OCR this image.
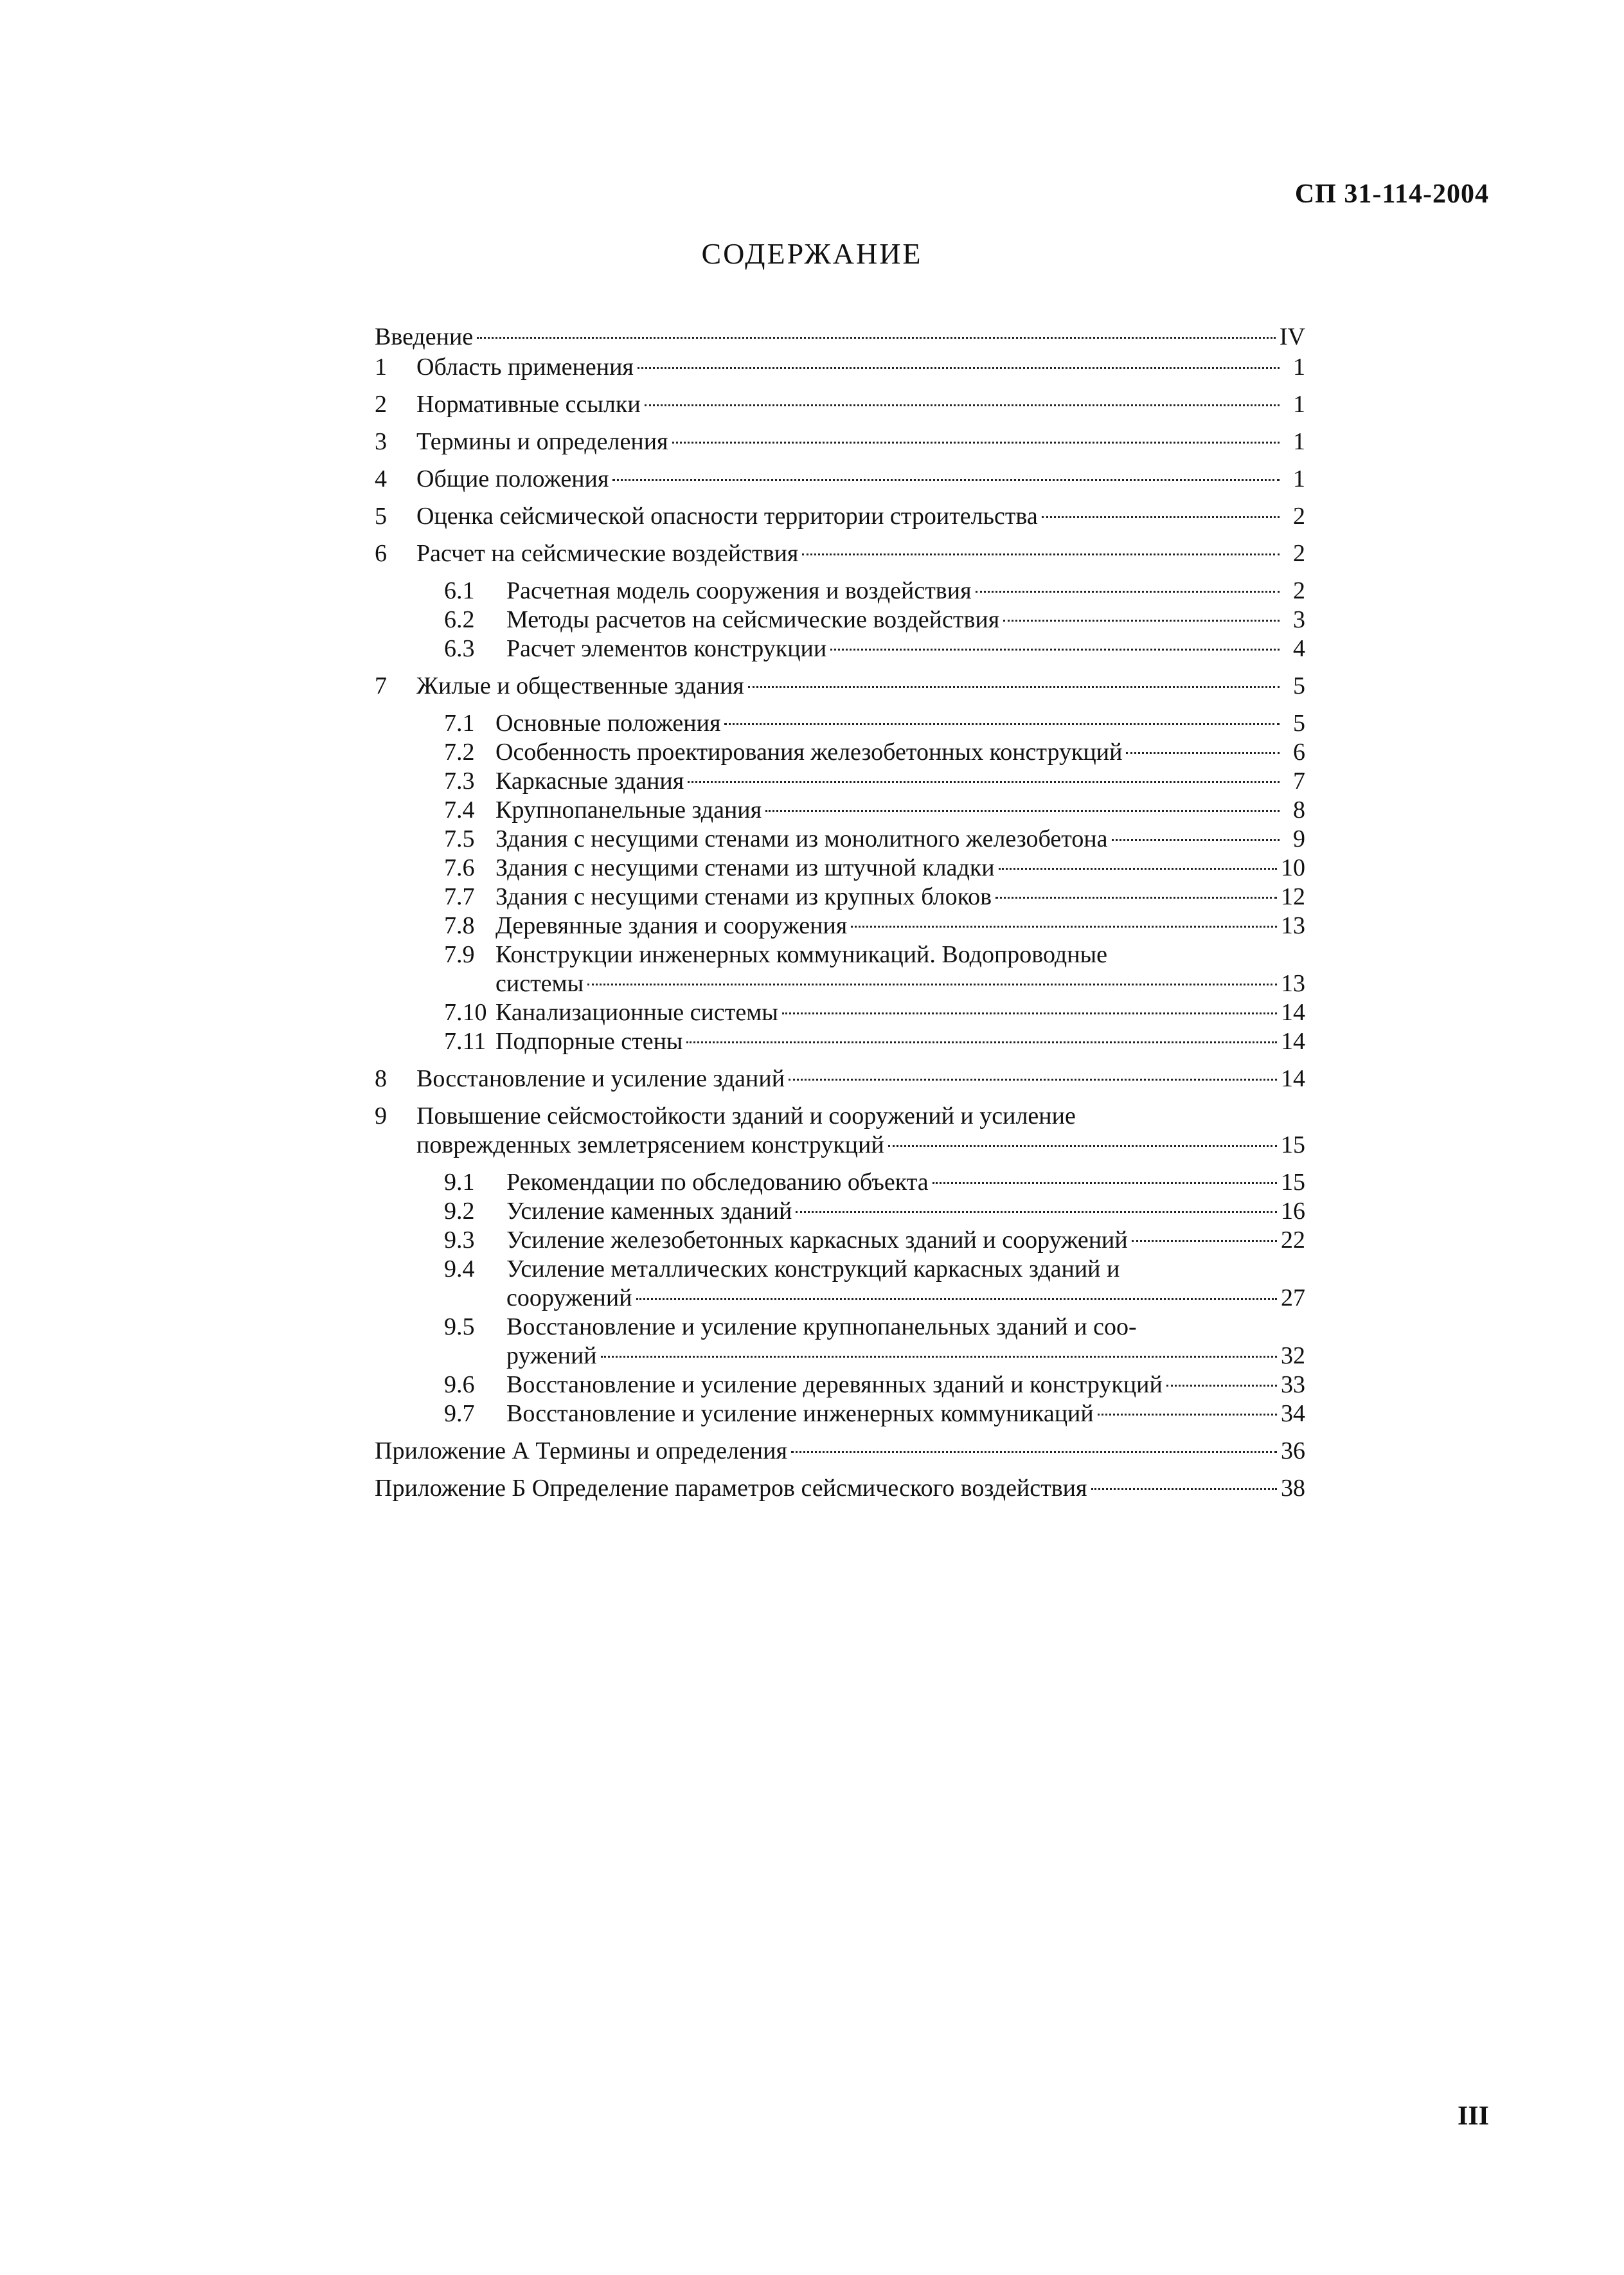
СП 31-114-2004
СОДЕРЖАНИЕ
Введение	IV
1	Область применения	1
2	Нормативные ссылки	1
3	Термины и определения	1
4	Общие положения	1
5	Оценка сейсмической опасности территории строительства	2
6	Расчет на сейсмические воздействия	2
6.1	Расчетная модель сооружения и воздействия	2
6.2	Методы расчетов на сейсмические воздействия	3
6.3	Расчет элементов конструкции	4
7	Жилые и общественные здания	5
7.1 Основные положения	5
7.2 Особенность проектирования железобетонных конструкций	6
7.3 Каркасные здания	7
7.4 Крупнопанельные здания	8
7.5 Здания с несущими стенами из монолитного железобетона	9
7.6 Здания с несущими стенами из штучной кладки	10
7.7 Здания с несущими стенами из крупных блоков	12
7.8 Деревянные здания и сооружения	13
7.9 Конструкции инженерных коммуникаций. Водопроводные
системы	13
7.10 Канализационные системы	14
7.11 Подпорные стены	14
8	Восстановление и усиление зданий	14
9	Повышение сейсмостойкости зданий и сооружений и усиление
поврежденных землетрясением конструкций	15
9.1	Рекомендации по обследованию объекта	15
9.2	Усиление каменных зданий	16
9.3	Усиление железобетонных каркасных зданий и сооружений	22
9.4	Усиление металлических конструкций каркасных зданий и
сооружений	27
9.5	Восстановление и усиление крупнопанельных зданий и соо-
ружений	32
9.6	Восстановление и усиление деревянных зданий и конструкций	33
9.7	Восстановление и усиление инженерных коммуникаций	34
Приложение А Термины и определения	36
Приложение Б Определение параметров сейсмического воздействия	38
III
